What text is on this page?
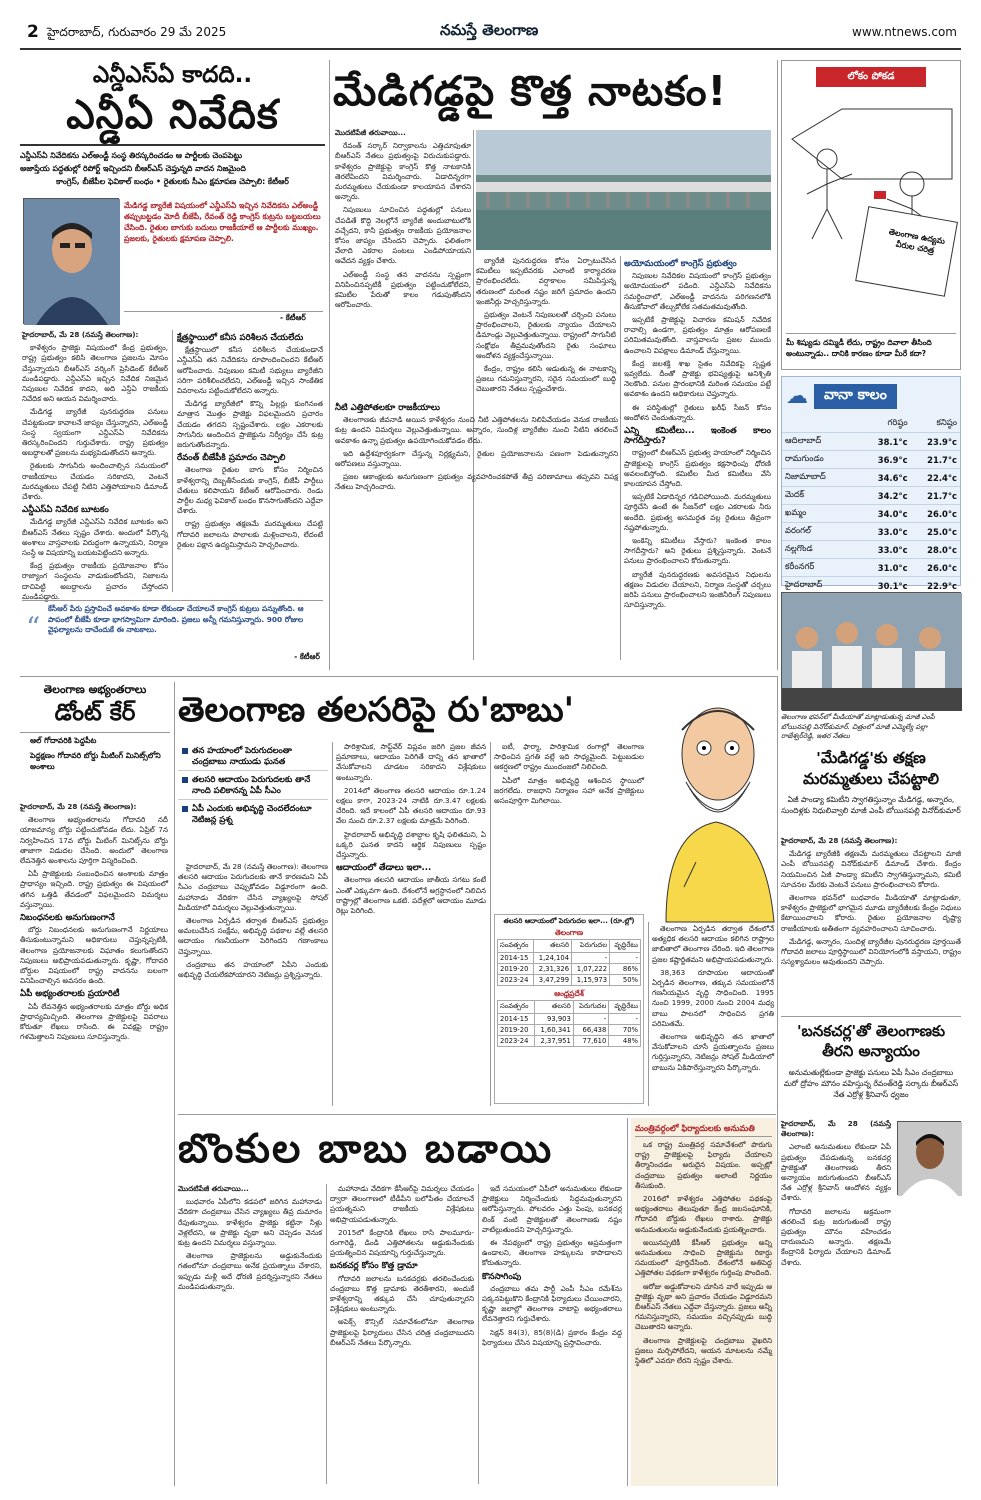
2 హైదరాబాద్, గురువారం 29 మే 2025	నమస్తే తెలంగాణ	www.ntnews.com
ఎన్డీఎస్ఏ కాదది..
ఎన్డీఏ నివేదిక
ఎన్డీఎస్ఏ నివేదికను ఎల్అండ్టీ సంస్థ తిరస్కరించడం ఆ పార్టీలకు చెంపపెట్టు
అజాప్తేయ పద్ధతుల్లో రిపోర్ట్ ఇచ్చిందని బీఆర్ఎస్ చెప్తున్నది వాదన నిజమైంది
కాంగ్రెస్, బీజేపీల ఫెవికాల్ బంధం • రైతులకు సీఎం క్షమాపణ చెప్పాలి: కేటీఆర్
మేడిగడ్డ బ్యారేజీ విషయంలో ఎన్డీఎస్ఏ ఇచ్చిన నివేదికను ఎల్అండ్టీ తప్పుబట్టడం మోదీ బీజేపీ, రేవంత్ రెడ్డి కాంగ్రెస్ కుట్రను బట్టబయలు చేసింది. రైతుల బాగుకు బదులు రాజకీయాలే ఆ పార్టీలకు ముఖ్యం. ప్రజలకు, రైతులకు క్షమాపణ చెప్పాలి.
- కేటీఆర్

హైదరాబాద్, మే 28 (నమస్తే తెలంగాణ):

కాళేశ్వరం ప్రాజెక్టు విషయంలో కేంద్ర ప్రభుత్వం, రాష్ట్ర ప్రభుత్వం కలిసి తెలంగాణ ప్రజలను మోసం చేస్తున్నాయని బీఆర్ఎస్ వర్కింగ్ ప్రెసిడెంట్ కేటీఆర్ మండిపడ్డారు. ఎన్డీఎస్ఏ ఇచ్చిన నివేదిక నిజమైన నిపుణుల నివేదిక కాదని, అది ఎన్డీఏ రాజకీయ నివేదిక అని ఆయన విమర్శించారు.

మేడిగడ్డ బ్యారేజీ పునరుద్ధరణ పనులు చేపట్టకుండా కావాలనే జాప్యం చేస్తున్నారని, ఎల్అండ్టీ సంస్థ స్వయంగా ఎన్డీఎస్ఏ నివేదికను తిరస్కరించిందని గుర్తుచేశారు. రాష్ట్ర ప్రభుత్వం అబద్ధాలతో ప్రజలను మభ్యపెడుతోందని అన్నారు.

రైతులకు సాగునీరు అందించాల్సిన సమయంలో రాజకీయాలు చేయడం సరికాదని, వెంటనే మరమ్మతులు చేపట్టి నీటిని ఎత్తిపోయాలని డిమాండ్ చేశారు.

ఎన్డీఎస్ఏ నివేదిక బూటకం

మేడిగడ్డ బ్యారేజీ ఎన్డీఎస్ఏ నివేదిక బూటకం అని బీఆర్ఎస్ నేతలు స్పష్టం చేశారు. అందులో పేర్కొన్న అంశాలు వాస్తవాలకు విరుద్ధంగా ఉన్నాయని, నిర్మాణ సంస్థే ఆ విషయాన్ని బయటపెట్టిందని అన్నారు.

కేంద్ర ప్రభుత్వం రాజకీయ ప్రయోజనాల కోసం రాజ్యాంగ సంస్థలను వాడుకుంటోందని, నిజాలను దాచిపెట్టి అబద్ధాలను ప్రచారం చేస్తోందని మండిపడ్డారు.

క్షేత్రస్థాయిలో కనీస పరిశీలన చేయలేదు

క్షేత్రస్థాయిలో కనీస పరిశీలన చేయకుండానే ఎన్డీఎస్ఏ తన నివేదికను రూపొందించిందని కేటీఆర్ ఆరోపించారు. నిపుణుల కమిటీ సభ్యులు బ్యారేజీని సరిగా పరిశీలించలేదని, ఎల్అండ్టీ ఇచ్చిన సాంకేతిక వివరాలను పట్టించుకోలేదని అన్నారు.

మేడిగడ్డ బ్యారేజీలో కొన్ని పిల్లర్లు కుంగినంత మాత్రాన మొత్తం ప్రాజెక్టు విఫలమైందని ప్రచారం చేయడం తగదని స్పష్టంచేశారు. లక్షల ఎకరాలకు సాగునీరు అందించిన ప్రాజెక్టును నిర్వీర్యం చేసే కుట్ర జరుగుతోందన్నారు.

రేవంత్ బీజేపీకి ప్రమాదం చెప్పాలి

తెలంగాణ రైతుల బాగు కోసం నిర్మించిన కాళేశ్వరాన్ని దెబ్బతీసేందుకు కాంగ్రెస్, బీజేపీ పార్టీలు చేతులు కలిపాయని కేటీఆర్ ఆరోపించారు. రెండు పార్టీల మధ్య ఫెవికాల్ బంధం కొనసాగుతోందని ఎద్దేవా చేశారు.

రాష్ట్ర ప్రభుత్వం తక్షణమే మరమ్మతులు చేపట్టి గోదావరి జలాలను పొలాలకు మళ్లించాలని, లేదంటే రైతుల పక్షాన ఉద్యమిస్తామని హెచ్చరించారు.

“
కేసీఆర్ పేరు ప్రస్తావించే అవకాశం కూడా లేకుండా చేయాలనే కాంగ్రెస్ కుట్రలు పన్నుతోంది. ఆ పాపంలో బీజేపీ కూడా భాగస్వామిగా మారింది. ప్రజలు అన్నీ గమనిస్తున్నారు. 900 రోజుల వైఫల్యాలను దాచేందుకే ఈ నాటకాలు.
- కేటీఆర్
మేడిగడ్డపై కొత్త నాటకం!

మొదటిపేజీ తరువాయి...

రేవంత్ సర్కార్ నిర్వాకాలను ఎత్తిచూపుతూ బీఆర్ఎస్ నేతలు ప్రభుత్వంపై విరుచుకుపడ్డారు. కాళేశ్వరం ప్రాజెక్టుపై కాంగ్రెస్ కొత్త నాటకానికి తెరలేపిందని విమర్శించారు. ఏడాదిన్నరగా మరమ్మతులు చేయకుండా కాలయాపన చేశారని అన్నారు.

నిపుణులు సూచించిన పద్ధతుల్లో పనులు చేపడితే కొద్ది నెలల్లోనే బ్యారేజీ అందుబాటులోకి వచ్చేదని, కానీ ప్రభుత్వం రాజకీయ ప్రయోజనాల కోసం జాప్యం చేసిందని చెప్పారు. ఫలితంగా వేలాది ఎకరాల పంటలు ఎండిపోయాయని ఆవేదన వ్యక్తం చేశారు.

ఎల్అండ్టీ సంస్థ తన వాదనను స్పష్టంగా వినిపించినప్పటికీ ప్రభుత్వం పట్టించుకోలేదని, కమిటీల పేరుతో కాలం గడుపుతోందని ఆరోపించారు.

బ్యారేజీ పునరుద్ధరణ కోసం ఏర్పాటుచేసిన కమిటీలు ఇప్పటివరకు ఎలాంటి కార్యాచరణ ప్రారంభించలేదు. వర్షాకాలం సమీపిస్తున్న తరుణంలో మరింత నష్టం జరిగే ప్రమాదం ఉందని ఇంజినీర్లు హెచ్చరిస్తున్నారు.

ప్రభుత్వం వెంటనే నిపుణులతో చర్చించి పనులు ప్రారంభించాలని, రైతులకు న్యాయం చేయాలని డిమాండ్లు వెల్లువెత్తుతున్నాయి. రాష్ట్రంలో సాగునీటి సంక్షోభం తీవ్రమవుతోందని రైతు సంఘాలు ఆందోళన వ్యక్తంచేస్తున్నాయి.

కేంద్రం, రాష్ట్రం కలిసి ఆడుతున్న ఈ నాటకాన్ని ప్రజలు గమనిస్తున్నారని, సరైన సమయంలో బుద్ధి చెబుతారని నేతలు స్పష్టంచేశారు.

అయోమయంలో కాంగ్రెస్ ప్రభుత్వం

నిపుణుల నివేదికల విషయంలో కాంగ్రెస్ ప్రభుత్వం అయోమయంలో పడింది. ఎన్డీఎస్ఏ నివేదికను సమర్థించాలో, ఎల్అండ్టీ వాదనను పరిగణనలోకి తీసుకోవాలో తేల్చుకోలేక సతమతమవుతోంది.

ఇప్పటికే ప్రాజెక్టుపై విచారణ కమిషన్ నివేదిక రావాల్సి ఉండగా, ప్రభుత్వం మాత్రం ఆరోపణలకే పరిమితమవుతోంది. వాస్తవాలను ప్రజల ముందు ఉంచాలని విపక్షాలు డిమాండ్ చేస్తున్నాయి.

కేంద్ర జలశక్తి శాఖ సైతం నివేదికపై స్పష్టత ఇవ్వలేదు. దీంతో ప్రాజెక్టు భవిష్యత్తుపై అనిశ్చితి నెలకొంది. పనుల ప్రారంభానికి మరింత సమయం పట్టే అవకాశం ఉందని అధికారులు చెప్తున్నారు.

ఈ పరిస్థితుల్లో రైతులు ఖరీఫ్ సీజన్ కోసం ఆందోళన చెందుతున్నారు.

ఎన్ని కమిటీలు... ఇంకెంత కాలం సాగదీస్తారు?

రాష్ట్రంలో బీఆర్ఎస్ ప్రభుత్వ హయాంలో నిర్మించిన ప్రాజెక్టులపై కాంగ్రెస్ ప్రభుత్వం కక్షసాధింపు ధోరణి అవలంబిస్తోంది. కమిటీల మీద కమిటీలు వేసి కాలయాపన చేస్తోంది.

ఇప్పటికే ఏడాదిన్నర గడిచిపోయింది. మరమ్మతులు పూర్తిచేసి ఉంటే ఈ సీజన్‌లో లక్షల ఎకరాలకు నీరు అందేది. ప్రభుత్వ అసమర్థత వల్ల రైతులు తీవ్రంగా నష్టపోతున్నారు.

ఇంకెన్ని కమిటీలు వేస్తారు? ఇంకెంత కాలం సాగదీస్తారు? అని రైతులు ప్రశ్నిస్తున్నారు. వెంటనే పనులు ప్రారంభించాలని కోరుతున్నారు.

బ్యారేజీ పునరుద్ధరణకు అవసరమైన నిధులను తక్షణం విడుదల చేయాలని, నిర్మాణ సంస్థతో చర్చలు జరిపి పనులు ప్రారంభించాలని ఇంజినీరింగ్ నిపుణులు సూచిస్తున్నారు.

నీటి ఎత్తిపోతలకూ రాజకీయాలు

తెలంగాణకు జీవనాడి అయిన కాళేశ్వరం నుంచి నీటి ఎత్తిపోతలను నిలిపివేయడం వెనుక రాజకీయ కుట్ర ఉందని విమర్శలు వెల్లువెత్తుతున్నాయి. అన్నారం, సుందిళ్ల బ్యారేజీల నుంచి నీటిని తరలించే అవకాశం ఉన్నా ప్రభుత్వం ఉపయోగించుకోవడం లేదు.

ఇది ఉద్దేశపూర్వకంగా చేస్తున్న నిర్లక్ష్యమని, రైతుల ప్రయోజనాలను పణంగా పెడుతున్నారని ఆరోపణలు వస్తున్నాయి.

ప్రజల ఆకాంక్షలకు అనుగుణంగా ప్రభుత్వం వ్యవహరించకపోతే తీవ్ర పరిణామాలు తప్పవని విపక్ష నేతలు హెచ్చరించారు.

లోకం పోకడ
తెలంగాణ ఉద్యమ వీరుల చరిత్ర
మీ శిష్యుడు దమ్మిడీ లేదు, రాష్ట్రం దివాలా తీసింది అంటున్నాడు.. దానికి కారణం కూడా మీరే కదా?
☁	వానా కాలం
	గరిష్ఠం	కనిష్ఠం
ఆదిలాబాద్	38.1°c	23.9°c
రామగుండం	36.9°c	21.7°c
నిజామాబాద్	34.6°c	22.4°c
మెదక్	34.2°c	21.7°c
ఖమ్మం	34.0°c	26.0°c
వరంగల్	33.0°c	25.0°c
నల్లగొండ	33.0°c	28.0°c
కరీంనగర్	31.0°c	26.0°c
హైదరాబాద్	30.1°c	22.9°c

తెలంగాణ భవన్‌లో మీడియాతో మాట్లాడుతున్న మాజీ ఎంపీ బోయినపల్లి వినోద్‌కుమార్. చిత్రంలో మాజీ ఎమ్మెల్యే పల్లా రాజేశ్వర్‌రెడ్డి, ఇతర నేతలు
'మేడిగడ్డ'కు తక్షణ మరమ్మతులు చేపట్టాలి
ఏజీ పాండ్యా కమిటీని స్వాగతిస్తున్నాం మేడిగడ్డ, అన్నారం, సుందిళ్లకు నిధులివ్వాలి మాజీ ఎంపీ బోయినపల్లి వినోద్‌కుమార్

హైదరాబాద్, మే 28 (నమస్తే తెలంగాణ):

మేడిగడ్డ బ్యారేజీకి తక్షణమే మరమ్మతులు చేపట్టాలని మాజీ ఎంపీ బోయినపల్లి వినోద్‌కుమార్ డిమాండ్ చేశారు. కేంద్రం నియమించిన ఏజీ పాండ్యా కమిటీని స్వాగతిస్తున్నామని, కమిటీ సూచనల మేరకు వెంటనే పనులు ప్రారంభించాలని కోరారు.

తెలంగాణ భవన్‌లో బుధవారం మీడియాతో మాట్లాడుతూ, కాళేశ్వరం ప్రాజెక్టులో భాగమైన మూడు బ్యారేజీలకు కేంద్రం నిధులు కేటాయించాలని కోరారు. రైతుల ప్రయోజనాల దృష్ట్యా రాజకీయాలకు అతీతంగా వ్యవహరించాలని సూచించారు.

మేడిగడ్డ, అన్నారం, సుందిళ్ల బ్యారేజీల పునరుద్ధరణ పూర్తయితే గోదావరి జలాలు పూర్తిస్థాయిలో వినియోగంలోకి వస్తాయని, రాష్ట్రం సస్యశ్యామలం అవుతుందని చెప్పారు.

'బనకచర్ల'తో తెలంగాణకు తీరని అన్యాయం
అనుమతుల్లేకుండా ప్రాజెక్టు పనులు ఏపీ సీఎం చంద్రబాబు మరో ద్రోహం మౌనం వహిస్తున్న రేవంత్‌రెడ్డి సర్కారు బీఆర్‌ఎస్ నేత ఎర్రోళ్ల శ్రీనివాస్ ధ్వజం

హైదరాబాద్, మే 28 (నమస్తే తెలంగాణ):

ఎలాంటి అనుమతులు లేకుండా ఏపీ ప్రభుత్వం చేపడుతున్న బనకచర్ల ప్రాజెక్టుతో తెలంగాణకు తీరని అన్యాయం జరుగుతుందని బీఆర్‌ఎస్ నేత ఎర్రోళ్ల శ్రీనివాస్ ఆందోళన వ్యక్తం చేశారు.

గోదావరి జలాలను అక్రమంగా తరలించే కుట్ర జరుగుతుంటే రాష్ట్ర ప్రభుత్వం మౌనం వహించడం దారుణమని అన్నారు. తక్షణమే కేంద్రానికి ఫిర్యాదు చేయాలని డిమాండ్ చేశారు.

తెలంగాణ అభ్యంతరాలు
డోంట్ కేర్
ఆల్ గోదావరికి పెద్దపీట
పెద్దక్షణం గోదావరి బోర్డు మీటింగ్ మినిట్స్‌లోని అంశాలు

హైదరాబాద్, మే 28 (నమస్తే తెలంగాణ):

తెలంగాణ అభ్యంతరాలను గోదావరి నదీ యాజమాన్య బోర్డు పట్టించుకోవడం లేదు. ఏప్రిల్ 7న నిర్వహించిన 17వ బోర్డు మీటింగ్ మినిట్స్‌ను బోర్డు తాజాగా విడుదల చేసింది. అందులో తెలంగాణ లేవనెత్తిన అంశాలను పూర్తిగా విస్మరించింది.

ఏపీ ప్రాజెక్టులకు సంబంధించిన అంశాలకు మాత్రం ప్రాధాన్యం ఇచ్చింది. రాష్ట్ర ప్రభుత్వం ఈ విషయంలో తగిన ఒత్తిడి తేవడంలో విఫలమైందని విమర్శలు వస్తున్నాయి.

నిబంధనలకు అనుగుణంగానే

బోర్డు నిబంధనలకు అనుగుణంగానే నిర్ణయాలు తీసుకుంటున్నామని అధికారులు చెప్తున్నప్పటికీ, తెలంగాణ ప్రయోజనాలకు విఘాతం కలుగుతోందని నిపుణులు అభిప్రాయపడుతున్నారు. కృష్ణా, గోదావరి బోర్డుల విషయంలో రాష్ట్ర వాదనను బలంగా వినిపించాల్సిన అవసరం ఉంది.

ఏపీ అభ్యంతరాలకు ప్రయారిటీ

ఏపీ లేవనెత్తిన అభ్యంతరాలకు మాత్రం బోర్డు అధిక ప్రాధాన్యమిచ్చింది. తెలంగాణ ప్రాజెక్టులపై వివరాలు కోరుతూ లేఖలు రాసింది. ఈ వివక్షపై రాష్ట్రం గళమెత్తాలని నిపుణులు సూచిస్తున్నారు.

తెలంగాణ తలసరిపై రు'బాబు'
తన హయాంలో పెరుగుదలంతా చంద్రబాబు నాయుడు ఘనత
తలసరి ఆదాయం పెరుగుదలకు తానే నాంది పలికానన్న ఏపీ సీఎం
ఏపీ ఎందుకు అభివృద్ధి చెందలేదంటూ నెటిజన్ల ప్రశ్న

హైదరాబాద్, మే 28 (నమస్తే తెలంగాణ): తెలంగాణ తలసరి ఆదాయం పెరుగుదలకు తానే కారణమని ఏపీ సీఎం చంద్రబాబు చెప్పుకోవడం విడ్డూరంగా ఉంది. మహానాడు వేదికగా చేసిన వ్యాఖ్యలపై సోషల్ మీడియాలో విమర్శలు వెల్లువెత్తుతున్నాయి.

తెలంగాణ ఏర్పడిన తర్వాత బీఆర్‌ఎస్ ప్రభుత్వం అమలుచేసిన సంక్షేమ, అభివృద్ధి పథకాల వల్లే తలసరి ఆదాయం గణనీయంగా పెరిగిందని గణాంకాలు చెప్తున్నాయి.

చంద్రబాబు తన హయాంలో ఏపీని ఎందుకు అభివృద్ధి చేయలేకపోయారని నెటిజన్లు ప్రశ్నిస్తున్నారు.

పారిశ్రామిక, సాఫ్ట్‌వేర్ విప్లవం జరిగి ప్రజల జీవన ప్రమాణాలు, ఆదాయం పెరిగితే దాన్ని తన ఖాతాలో వేసుకోవాలని చూడటం సరికాదని విశ్లేషకులు అంటున్నారు.

2014లో తెలంగాణ తలసరి ఆదాయం రూ.1.24 లక్షలు కాగా, 2023-24 నాటికి రూ.3.47 లక్షలకు చేరింది. ఇదే కాలంలో ఏపీ తలసరి ఆదాయం రూ.93 వేల నుంచి రూ.2.37 లక్షలకు మాత్రమే పెరిగింది.

హైదరాబాద్ అభివృద్ధి దశాబ్దాల కృషి ఫలితమని, ఏ ఒక్కరి ఘనత కాదని ఆర్థిక నిపుణులు స్పష్టం చేస్తున్నారు.

ఆదాయంలో తేడాలు ఇలా...

తెలంగాణ తలసరి ఆదాయం జాతీయ సగటు కంటే ఎంతో ఎక్కువగా ఉంది. దేశంలోనే అగ్రస్థానంలో నిలిచిన రాష్ట్రాల్లో తెలంగాణ ఒకటి. పదేళ్లలో ఆదాయం మూడు రెట్లు పెరిగింది.

ఐటీ, ఫార్మా, పారిశ్రామిక రంగాల్లో తెలంగాణ సాధించిన ప్రగతి వల్లే ఇది సాధ్యమైంది. పెట్టుబడుల ఆకర్షణలో రాష్ట్రం ముందంజలో నిలిచింది.

ఏపీలో మాత్రం అభివృద్ధి ఆశించిన స్థాయిలో జరగలేదు. రాజధాని నిర్మాణం సహా అనేక ప్రాజెక్టులు అసంపూర్తిగా మిగిలాయి.

తలసరి ఆదాయంలో పెరుగుదల ఇలా... (రూ.ల్లో)
తెలంగాణ
సంవత్సరం	తలసరి	పెరుగుదల	వృద్ధిరేటు
2014-15	1,24,104	-	-
2019-20	2,31,326	1,07,222	86%
2023-24	3,47,299	1,15,973	50%
ఆంధ్రప్రదేశ్
సంవత్సరం	తలసరి	పెరుగుదల	వృద్ధిరేటు
2014-15	93,903	-	-
2019-20	1,60,341	66,438	70%
2023-24	2,37,951	77,610	48%

తెలంగాణ ఏర్పడిన తర్వాత దేశంలోనే అత్యధిక తలసరి ఆదాయం కలిగిన రాష్ట్రాల జాబితాలో తెలంగాణ చేరింది. ఇది తెలంగాణ ప్రజల కష్టార్జితమని అభిప్రాయపడుతున్నారు.

38,363 రూపాయల ఆదాయంతో ఏర్పడిన తెలంగాణ, తక్కువ సమయంలోనే గణనీయమైన వృద్ధి సాధించింది. 1995 నుంచి 1999, 2000 నుంచి 2004 మధ్య బాబు పాలనలో సాధించిన ప్రగతి పరిమితమే.

తెలంగాణ అభివృద్ధిని తన ఖాతాలో వేసుకోవాలని చూసే ప్రయత్నాలను ప్రజలు గుర్తిస్తున్నారని, నెటిజన్లు సోషల్ మీడియాలో బాబును ఏకిపారేస్తున్నారని పేర్కొన్నారు.

బొంకుల బాబు బడాయి

మొదటిపేజీ తరువాయి...

బుధవారం ఏపీలోని కడపలో జరిగిన మహానాడు వేదికగా చంద్రబాబు చేసిన వ్యాఖ్యలు తీవ్ర దుమారం రేపుతున్నాయి. కాళేశ్వరం ప్రాజెక్టు కట్టినా నీళ్లు వెళ్లలేదని, ఆ ప్రాజెక్టు వృథా అని చెప్పడం వెనుక కుట్ర ఉందని విమర్శలు వస్తున్నాయి.

తెలంగాణ ప్రాజెక్టులను అడ్డుకునేందుకు గతంలోనూ చంద్రబాబు అనేక ప్రయత్నాలు చేశారని, ఇప్పుడు మళ్లీ అదే ధోరణి ప్రదర్శిస్తున్నారని నేతలు మండిపడుతున్నారు.

మహానాడు వేదికగా కేసీఆర్‌పై విమర్శలు చేయడం ద్వారా తెలంగాణలో టీడీపీని బలోపేతం చేయాలనే ప్రయత్నమని రాజకీయ విశ్లేషకులు అభిప్రాయపడుతున్నారు.

2015లో కేంద్రానికి లేఖలు రాసి పాలమూరు-రంగారెడ్డి, డిండి ఎత్తిపోతలను అడ్డుకునేందుకు ప్రయత్నించిన విషయాన్ని గుర్తుచేస్తున్నారు.

బనకచర్ల కోసం కొత్త డ్రామా

గోదావరి జలాలను బనకచర్లకు తరలించేందుకు చంద్రబాబు కొత్త డ్రామాకు తెరతీశారని, అందుకే కాళేశ్వరాన్ని తక్కువ చేసి చూపుతున్నారని విశ్లేషకులు అంటున్నారు.

అపెక్స్ కౌన్సిల్ సమావేశంలోనూ తెలంగాణ ప్రాజెక్టులపై ఫిర్యాదులు చేసిన చరిత్ర చంద్రబాబుదని బీఆర్‌ఎస్ నేతలు పేర్కొన్నారు.

ఇదే సమయంలో ఏపీలో అనుమతులు లేకుండా ప్రాజెక్టులు నిర్మించేందుకు సిద్ధమవుతున్నారని ఆరోపిస్తున్నారు. పోలవరం ఎత్తు పెంపు, బనకచర్ల లింక్ వంటి ప్రాజెక్టులతో తెలంగాణకు నష్టం వాటిల్లుతుందని హెచ్చరిస్తున్నారు.

ఈ నేపథ్యంలో రాష్ట్ర ప్రభుత్వం అప్రమత్తంగా ఉండాలని, తెలంగాణ హక్కులను కాపాడాలని కోరుతున్నారు.

కొనసాగింపు

చంద్రబాబు తమ పార్టీ ఎంపీ సీఎం రమేశ్‌ను పక్కనపెట్టుకొని కేంద్రానికి ఫిర్యాదులు చేయించారని, కృష్ణా జలాల్లో తెలంగాణ వాటాపై అభ్యంతరాలు లేవనెత్తారని గుర్తుచేశారు.

సెక్షన్ 84(3), 85(8)(డి) ప్రకారం కేంద్రం వద్ద ఫిర్యాదులు చేసిన విషయాన్ని ప్రస్తావించారు.

మంత్రివర్గంలో ఫిర్యాదులకు అనుమతి

ఒక రాష్ట్ర మంత్రివర్గ సమావేశంలో పొరుగు రాష్ట్ర ప్రాజెక్టులపై ఫిర్యాదు చేయాలని తీర్మానించడం అరుదైన విషయం. అప్పట్లో చంద్రబాబు ప్రభుత్వం అలాంటి నిర్ణయం తీసుకుంది.

2016లో కాళేశ్వరం ఎత్తిపోతల పథకంపై అభ్యంతరాలు తెలుపుతూ కేంద్ర జలసంఘానికి, గోదావరి బోర్డుకు లేఖలు రాశారు. ప్రాజెక్టు అనుమతులను అడ్డుకునేందుకు ప్రయత్నించారు.

అయినప్పటికీ కేసీఆర్ ప్రభుత్వం అన్ని అనుమతులు సాధించి ప్రాజెక్టును రికార్డు సమయంలో పూర్తిచేసింది. దేశంలోనే అతిపెద్ద ఎత్తిపోతల పథకంగా కాళేశ్వరం గుర్తింపు పొందింది.

ఆరోజు అడ్డుకోవాలని చూసిన వారే ఇప్పుడు ఆ ప్రాజెక్టు వృథా అని ప్రచారం చేయడం విడ్డూరమని బీఆర్‌ఎస్ నేతలు ఎద్దేవా చేస్తున్నారు. ప్రజలు అన్నీ గమనిస్తున్నారని, సమయం వచ్చినప్పుడు బుద్ధి చెబుతారని అన్నారు.

తెలంగాణ ప్రాజెక్టులపై చంద్రబాబు వైఖరిని ప్రజలు మర్చిపోలేదని, ఆయన మాటలను నమ్మే స్థితిలో ఎవరూ లేరని స్పష్టం చేశారు.
